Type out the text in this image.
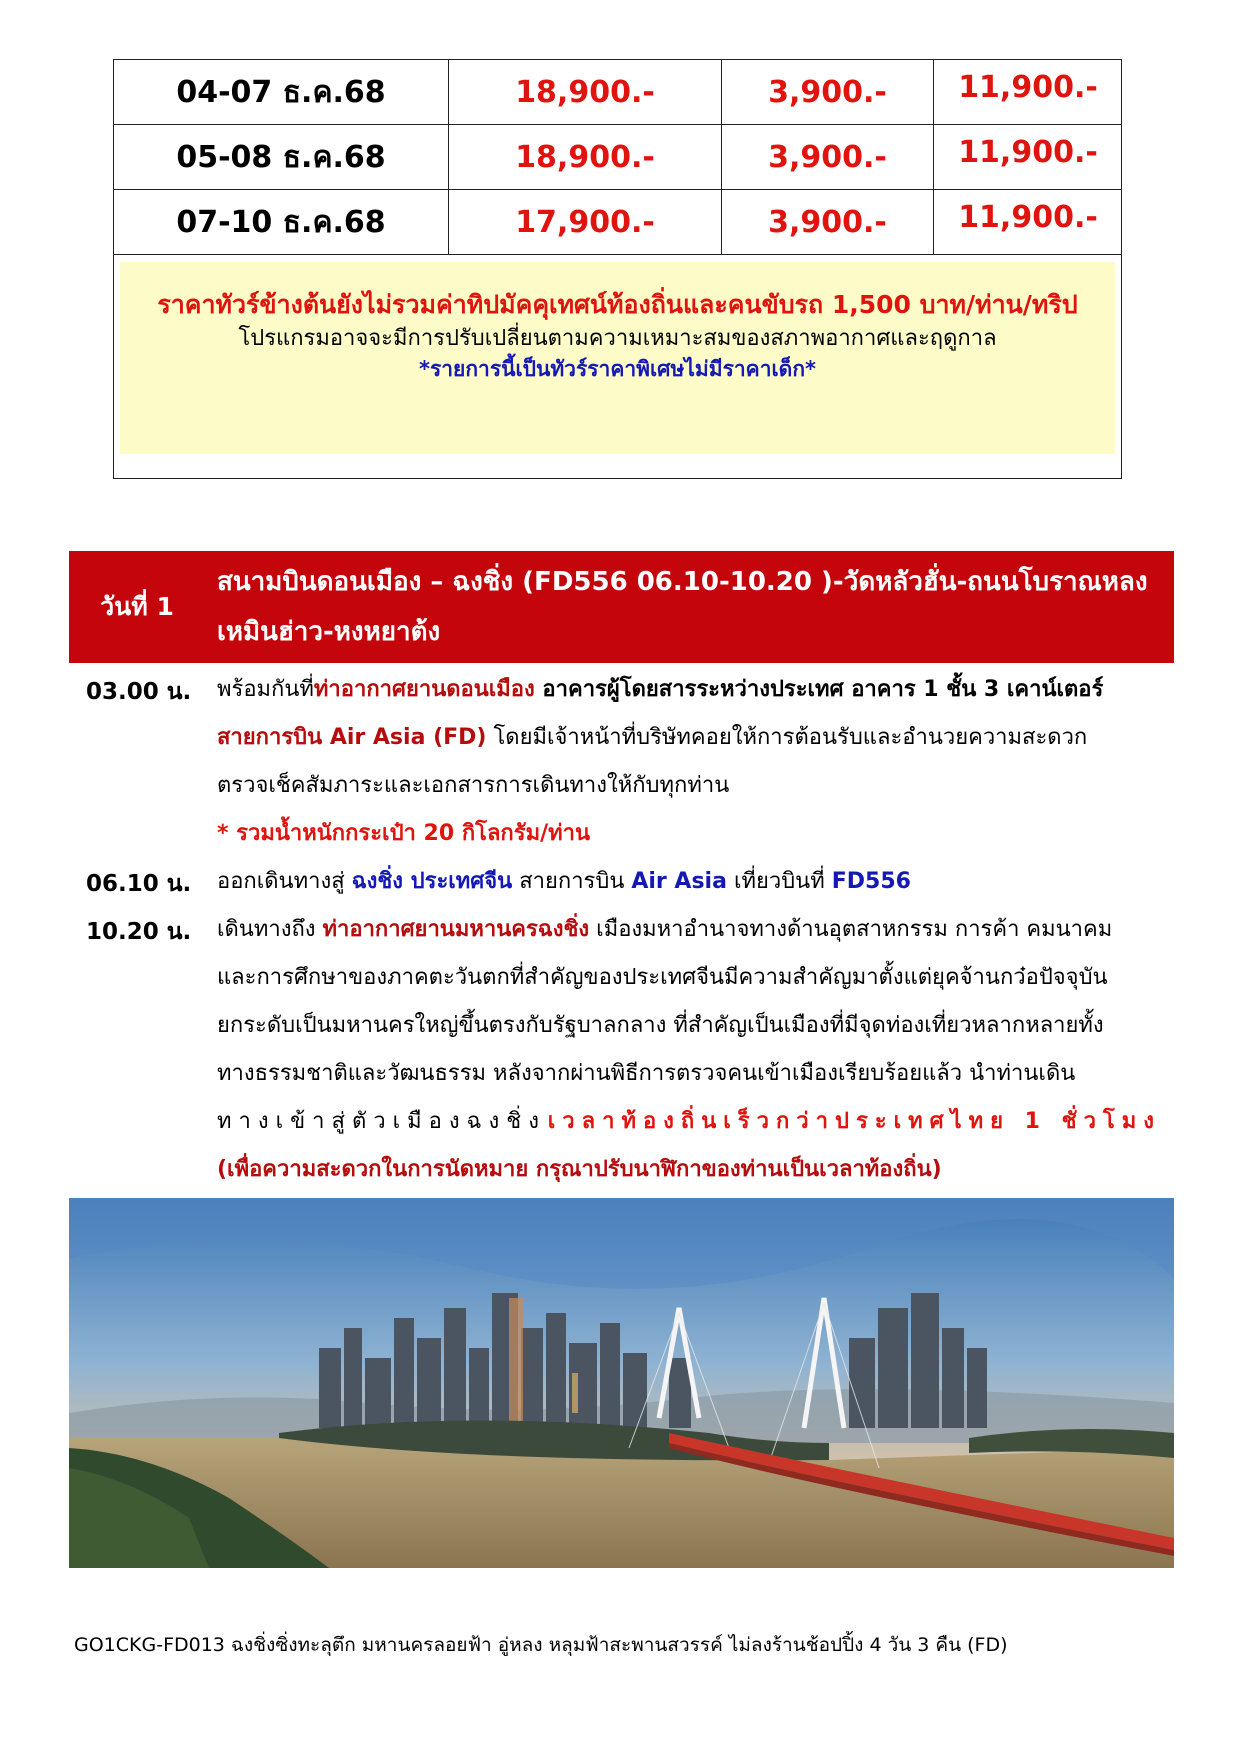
04-07 ธ.ค.68	18,900.-	3,900.-	11,900.-
05-08 ธ.ค.68	18,900.-	3,900.-	11,900.-
07-10 ธ.ค.68	17,900.-	3,900.-	11,900.-
ราคาทัวร์ข้างต้นยังไม่รวมค่าทิปมัคคุเทศน์ท้องถิ่นและคนขับรถ 1,500 บาท/ท่าน/ทริป
โปรแกรมอาจจะมีการปรับเปลี่ยนตามความเหมาะสมของสภาพอากาศและฤดูกาล
*รายการนี้เป็นทัวร์ราคาพิเศษไม่มีราคาเด็ก*
วันที่ 1
สนามบินดอนเมือง – ฉงชิ่ง (FD556 06.10-10.20 )-วัดหลัวฮั่น-ถนนโบราณหลงเหมินฮ่าว-หงหยาต้ง
03.00 น. พร้อมกันที่ท่าอากาศยานดอนเมือง อาคารผู้โดยสารระหว่างประเทศ อาคาร 1 ชั้น 3 เคาน์เตอร์
สายการบิน Air Asia (FD) โดยมีเจ้าหน้าที่บริษัทคอยให้การต้อนรับและอำนวยความสะดวก
ตรวจเช็คสัมภาระและเอกสารการเดินทางให้กับทุกท่าน
* รวมน้ำหนักกระเป๋า 20 กิโลกรัม/ท่าน
06.10 น. ออกเดินทางสู่ ฉงชิ่ง ประเทศจีน สายการบิน Air Asia เที่ยวบินที่ FD556
10.20 น. เดินทางถึง ท่าอากาศยานมหานครฉงชิ่ง เมืองมหาอำนาจทางด้านอุตสาหกรรม การค้า คมนาคม
และการศึกษาของภาคตะวันตกที่สำคัญของประเทศจีนมีความสำคัญมาตั้งแต่ยุคจ้านกว๋อปัจจุบัน
ยกระดับเป็นมหานครใหญ่ขึ้นตรงกับรัฐบาลกลาง ที่สำคัญเป็นเมืองที่มีจุดท่องเที่ยวหลากหลายทั้ง
ทางธรรมชาติและวัฒนธรรม หลังจากผ่านพิธีการตรวจคนเข้าเมืองเรียบร้อยแล้ว นำท่านเดิน
ทางเข้าสู่ตัวเมืองฉงชิ่ง เวลาท้องถิ่นเร็วกว่าประเทศไทย 1 ชั่วโมง
(เพื่อความสะดวกในการนัดหมาย กรุณาปรับนาฬิกาของท่านเป็นเวลาท้องถิ่น)
GO1CKG-FD013 ฉงชิ่งซิ่งทะลุตึก มหานครลอยฟ้า อู่หลง หลุมฟ้าสะพานสวรรค์ ไม่ลงร้านช้อปปิ้ง 4 วัน 3 คืน (FD)
